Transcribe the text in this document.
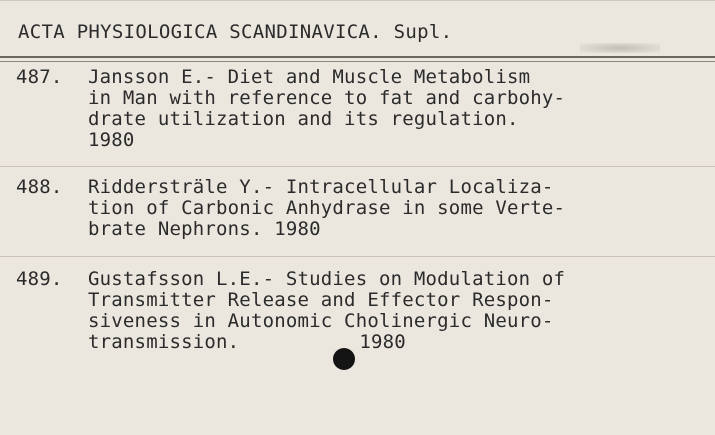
ACTA PHYSIOLOGICA SCANDINAVICA. Supl.
487. Jansson E.- Diet and Muscle Metabolism
in Man with reference to fat and carbohy-
drate utilization and its regulation.
1980
488. Riddersträle Y.- Intracellular Localiza-
tion of Carbonic Anhydrase in some Verte-
brate Nephrons. 1980
489. Gustafsson L.E.- Studies on Modulation of
Transmitter Release and Effector Respon-
siveness in Autonomic Cholinergic Neuro-
transmission.	1980
